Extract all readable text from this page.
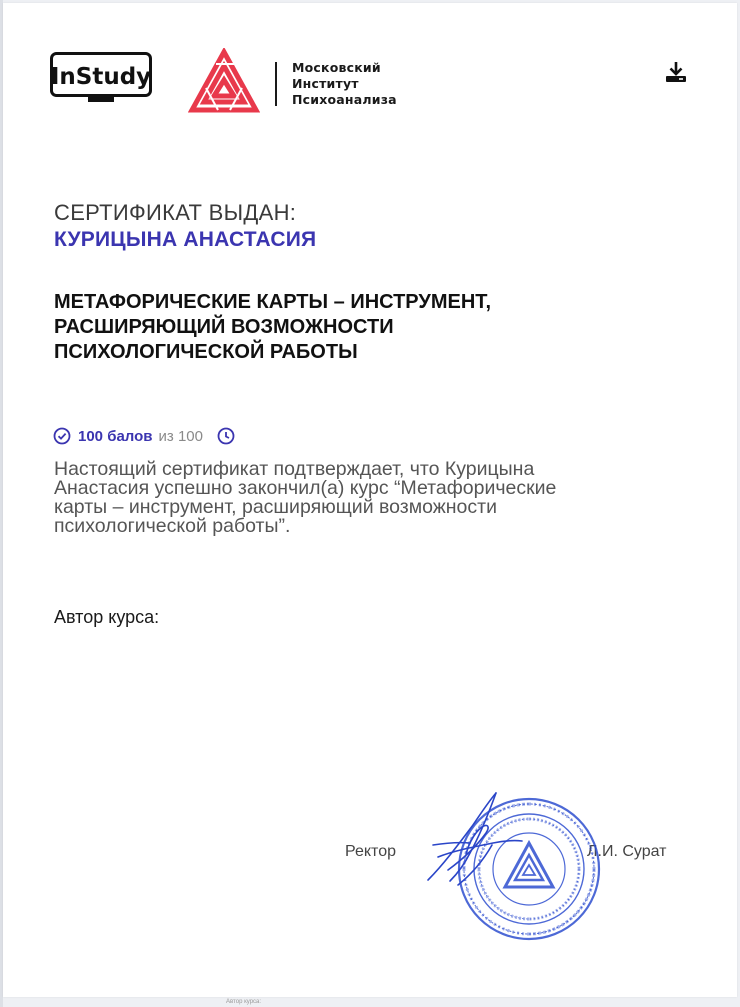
InStudy	Московский
Институт
Психоанализа
СЕРТИФИКАТ ВЫДАН:
КУРИЦЫНА АНАСТАСИЯ
МЕТАФОРИЧЕСКИЕ КАРТЫ – ИНСТРУМЕНТ,
РАСШИРЯЮЩИЙ ВОЗМОЖНОСТИ
ПСИХОЛОГИЧЕСКОЙ РАБОТЫ
100 балов из 100
Настоящий сертификат подтверждает, что Курицына
Анастасия успешно закончил(а) курс “Метафорические
карты – инструмент, расширяющий возможности
психологической работы”.
Автор курса:
Ректор	Л.И. Сурат
Автор курса:
